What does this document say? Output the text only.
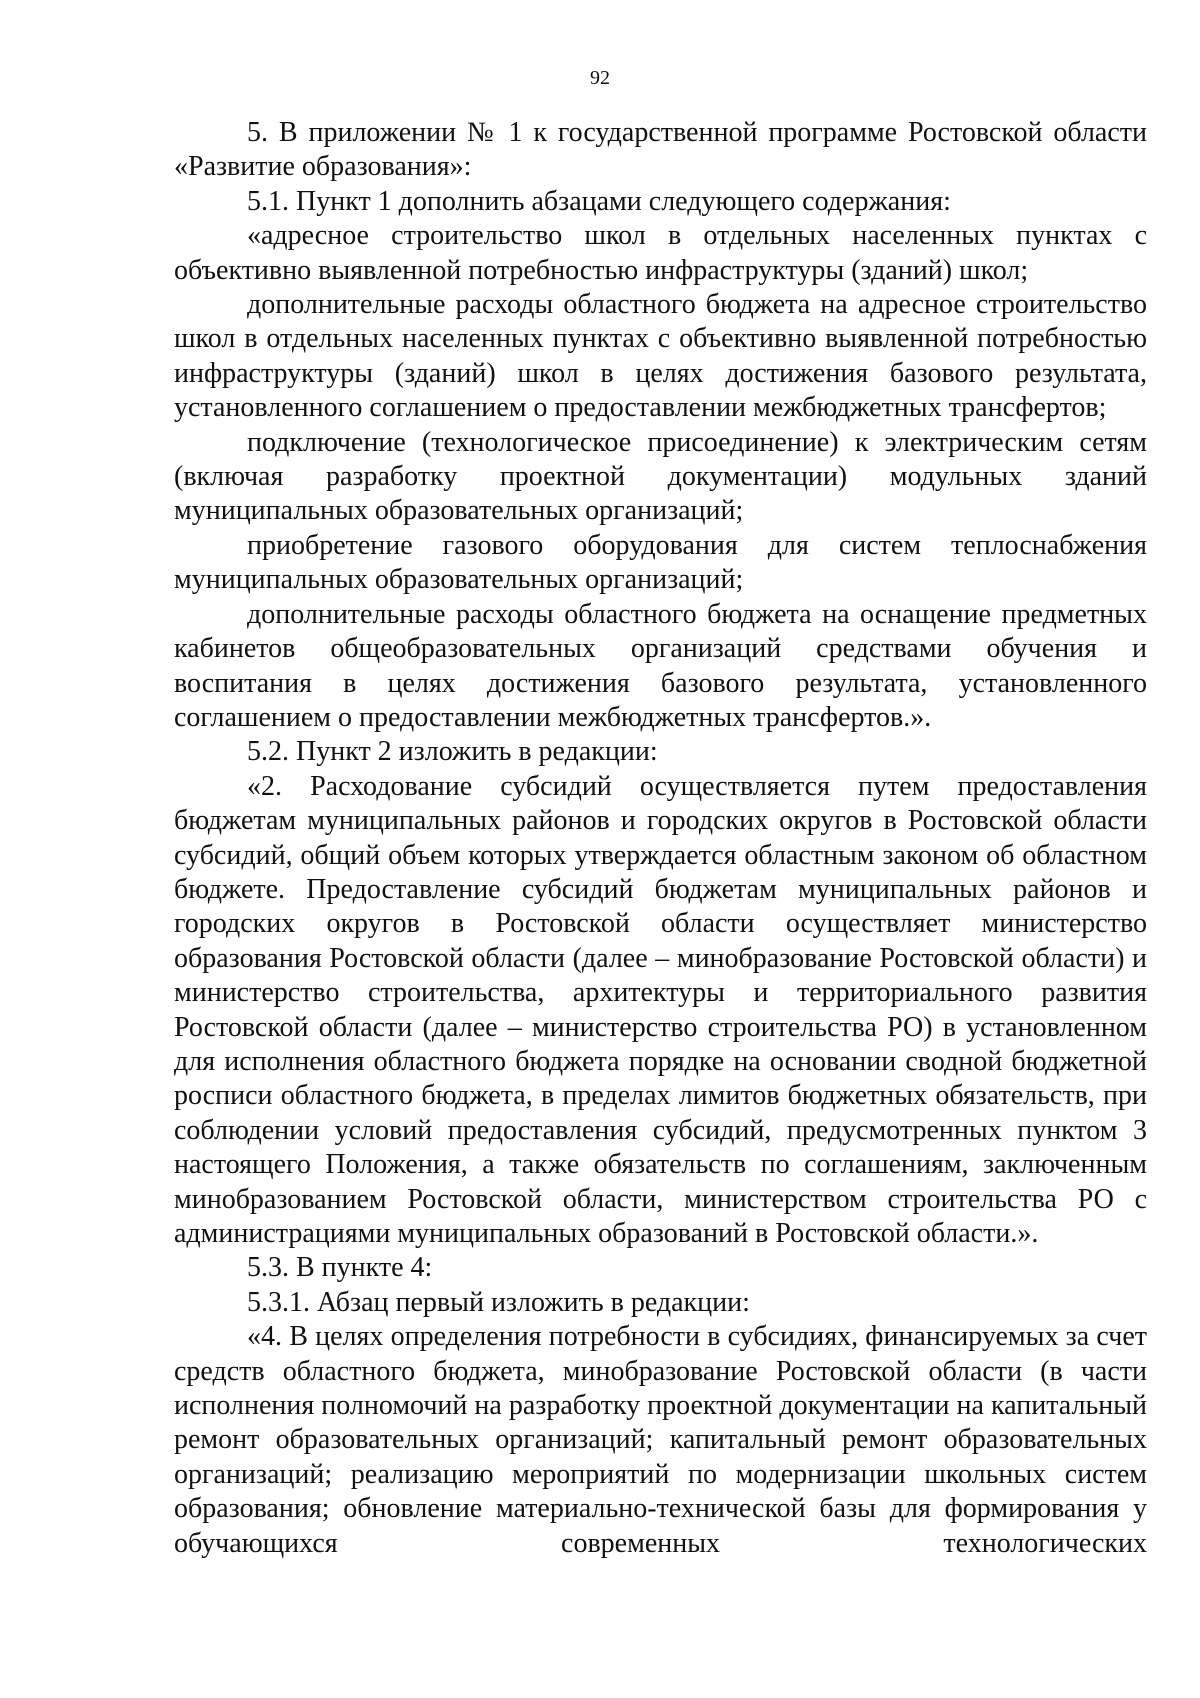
92

5. В приложении № 1 к государственной программе Ростовской области «Развитие образования»:

5.1. Пункт 1 дополнить абзацами следующего содержания:

«адресное строительство школ в отдельных населенных пунктах с объективно выявленной потребностью инфраструктуры (зданий) школ;

дополнительные расходы областного бюджета на адресное строительство школ в отдельных населенных пунктах с объективно выявленной потребностью инфраструктуры (зданий) школ в целях достижения базового результата, установленного соглашением о предоставлении межбюджетных трансфертов;

подключение (технологическое присоединение) к электрическим сетям (включая разработку проектной документации) модульных зданий муниципальных образовательных организаций;

приобретение газового оборудования для систем теплоснабжения муниципальных образовательных организаций;

дополнительные расходы областного бюджета на оснащение предметных кабинетов общеобразовательных организаций средствами обучения и воспитания в целях достижения базового результата, установленного соглашением о предоставлении межбюджетных трансфертов.».

5.2. Пункт 2 изложить в редакции:

«2. Расходование субсидий осуществляется путем предоставления бюджетам муниципальных районов и городских округов в Ростовской области субсидий, общий объем которых утверждается областным законом об областном бюджете. Предоставление субсидий бюджетам муниципальных районов и городских округов в Ростовской области осуществляет министерство образования Ростовской области (далее – минобразование Ростовской области) и министерство строительства, архитектуры и территориального развития Ростовской области (далее – министерство строительства РО) в установленном для исполнения областного бюджета порядке на основании сводной бюджетной росписи областного бюджета, в пределах лимитов бюджетных обязательств, при соблюдении условий предоставления субсидий, предусмотренных пунктом 3 настоящего Положения, а также обязательств по соглашениям, заключенным минобразованием Ростовской области, министерством строительства РО с администрациями муниципальных образований в Ростовской области.».

5.3. В пункте 4:

5.3.1. Абзац первый изложить в редакции:

«4. В целях определения потребности в субсидиях, финансируемых за счет средств областного бюджета, минобразование Ростовской области (в части исполнения полномочий на разработку проектной документации на капитальный ремонт образовательных организаций; капитальный ремонт образовательных организаций; реализацию мероприятий по модернизации школьных систем образования; обновление материально-технической базы для формирования у обучающихся современных технологических
